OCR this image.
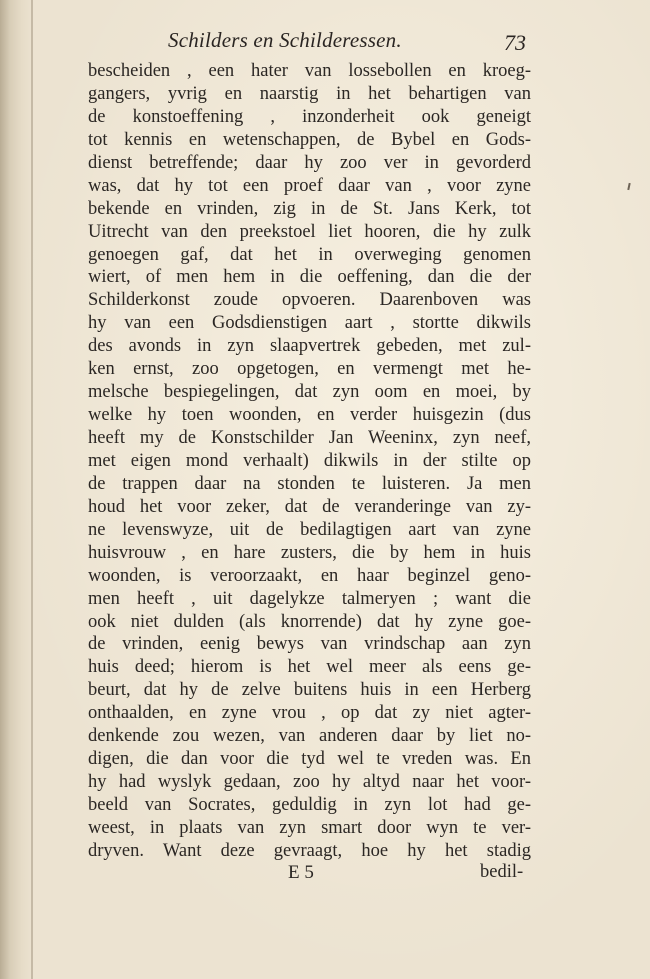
Schilders en Schilderessen.	73
bescheiden , een hater van lossebollen en kroeg-
gangers, yvrig en naarstig in het behartigen van
de konstoeffening , inzonderheit ook geneigt
tot kennis en wetenschappen, de Bybel en Gods-
dienst betreffende; daar hy zoo ver in gevorderd
was, dat hy tot een proef daar van , voor zyne
bekende en vrinden, zig in de St. Jans Kerk, tot
Uitrecht van den preekstoel liet hooren, die hy zulk
genoegen gaf, dat het in overweging genomen
wiert, of men hem in die oeffening, dan die der
Schilderkonst zoude opvoeren. Daarenboven was
hy van een Godsdienstigen aart , stortte dikwils
des avonds in zyn slaapvertrek gebeden, met zul-
ken ernst, zoo opgetogen, en vermengt met he-
melsche bespiegelingen, dat zyn oom en moei, by
welke hy toen woonden, en verder huisgezin (dus
heeft my de Konstschilder Jan Weeninx, zyn neef,
met eigen mond verhaalt) dikwils in der stilte op
de trappen daar na stonden te luisteren. Ja men
houd het voor zeker, dat de veranderinge van zy-
ne levenswyze, uit de bedilagtigen aart van zyne
huisvrouw , en hare zusters, die by hem in huis
woonden, is veroorzaakt, en haar beginzel geno-
men heeft , uit dagelykze talmeryen ; want die
ook niet dulden (als knorrende) dat hy zyne goe-
de vrinden, eenig bewys van vrindschap aan zyn
huis deed; hierom is het wel meer als eens ge-
beurt, dat hy de zelve buitens huis in een Herberg
onthaalden, en zyne vrou , op dat zy niet agter-
denkende zou wezen, van anderen daar by liet no-
digen, die dan voor die tyd wel te vreden was. En
hy had wyslyk gedaan, zoo hy altyd naar het voor-
beeld van Socrates, geduldig in zyn lot had ge-
weest, in plaats van zyn smart door wyn te ver-
dryven. Want deze gevraagt, hoe hy het stadig
E 5	bedil-
